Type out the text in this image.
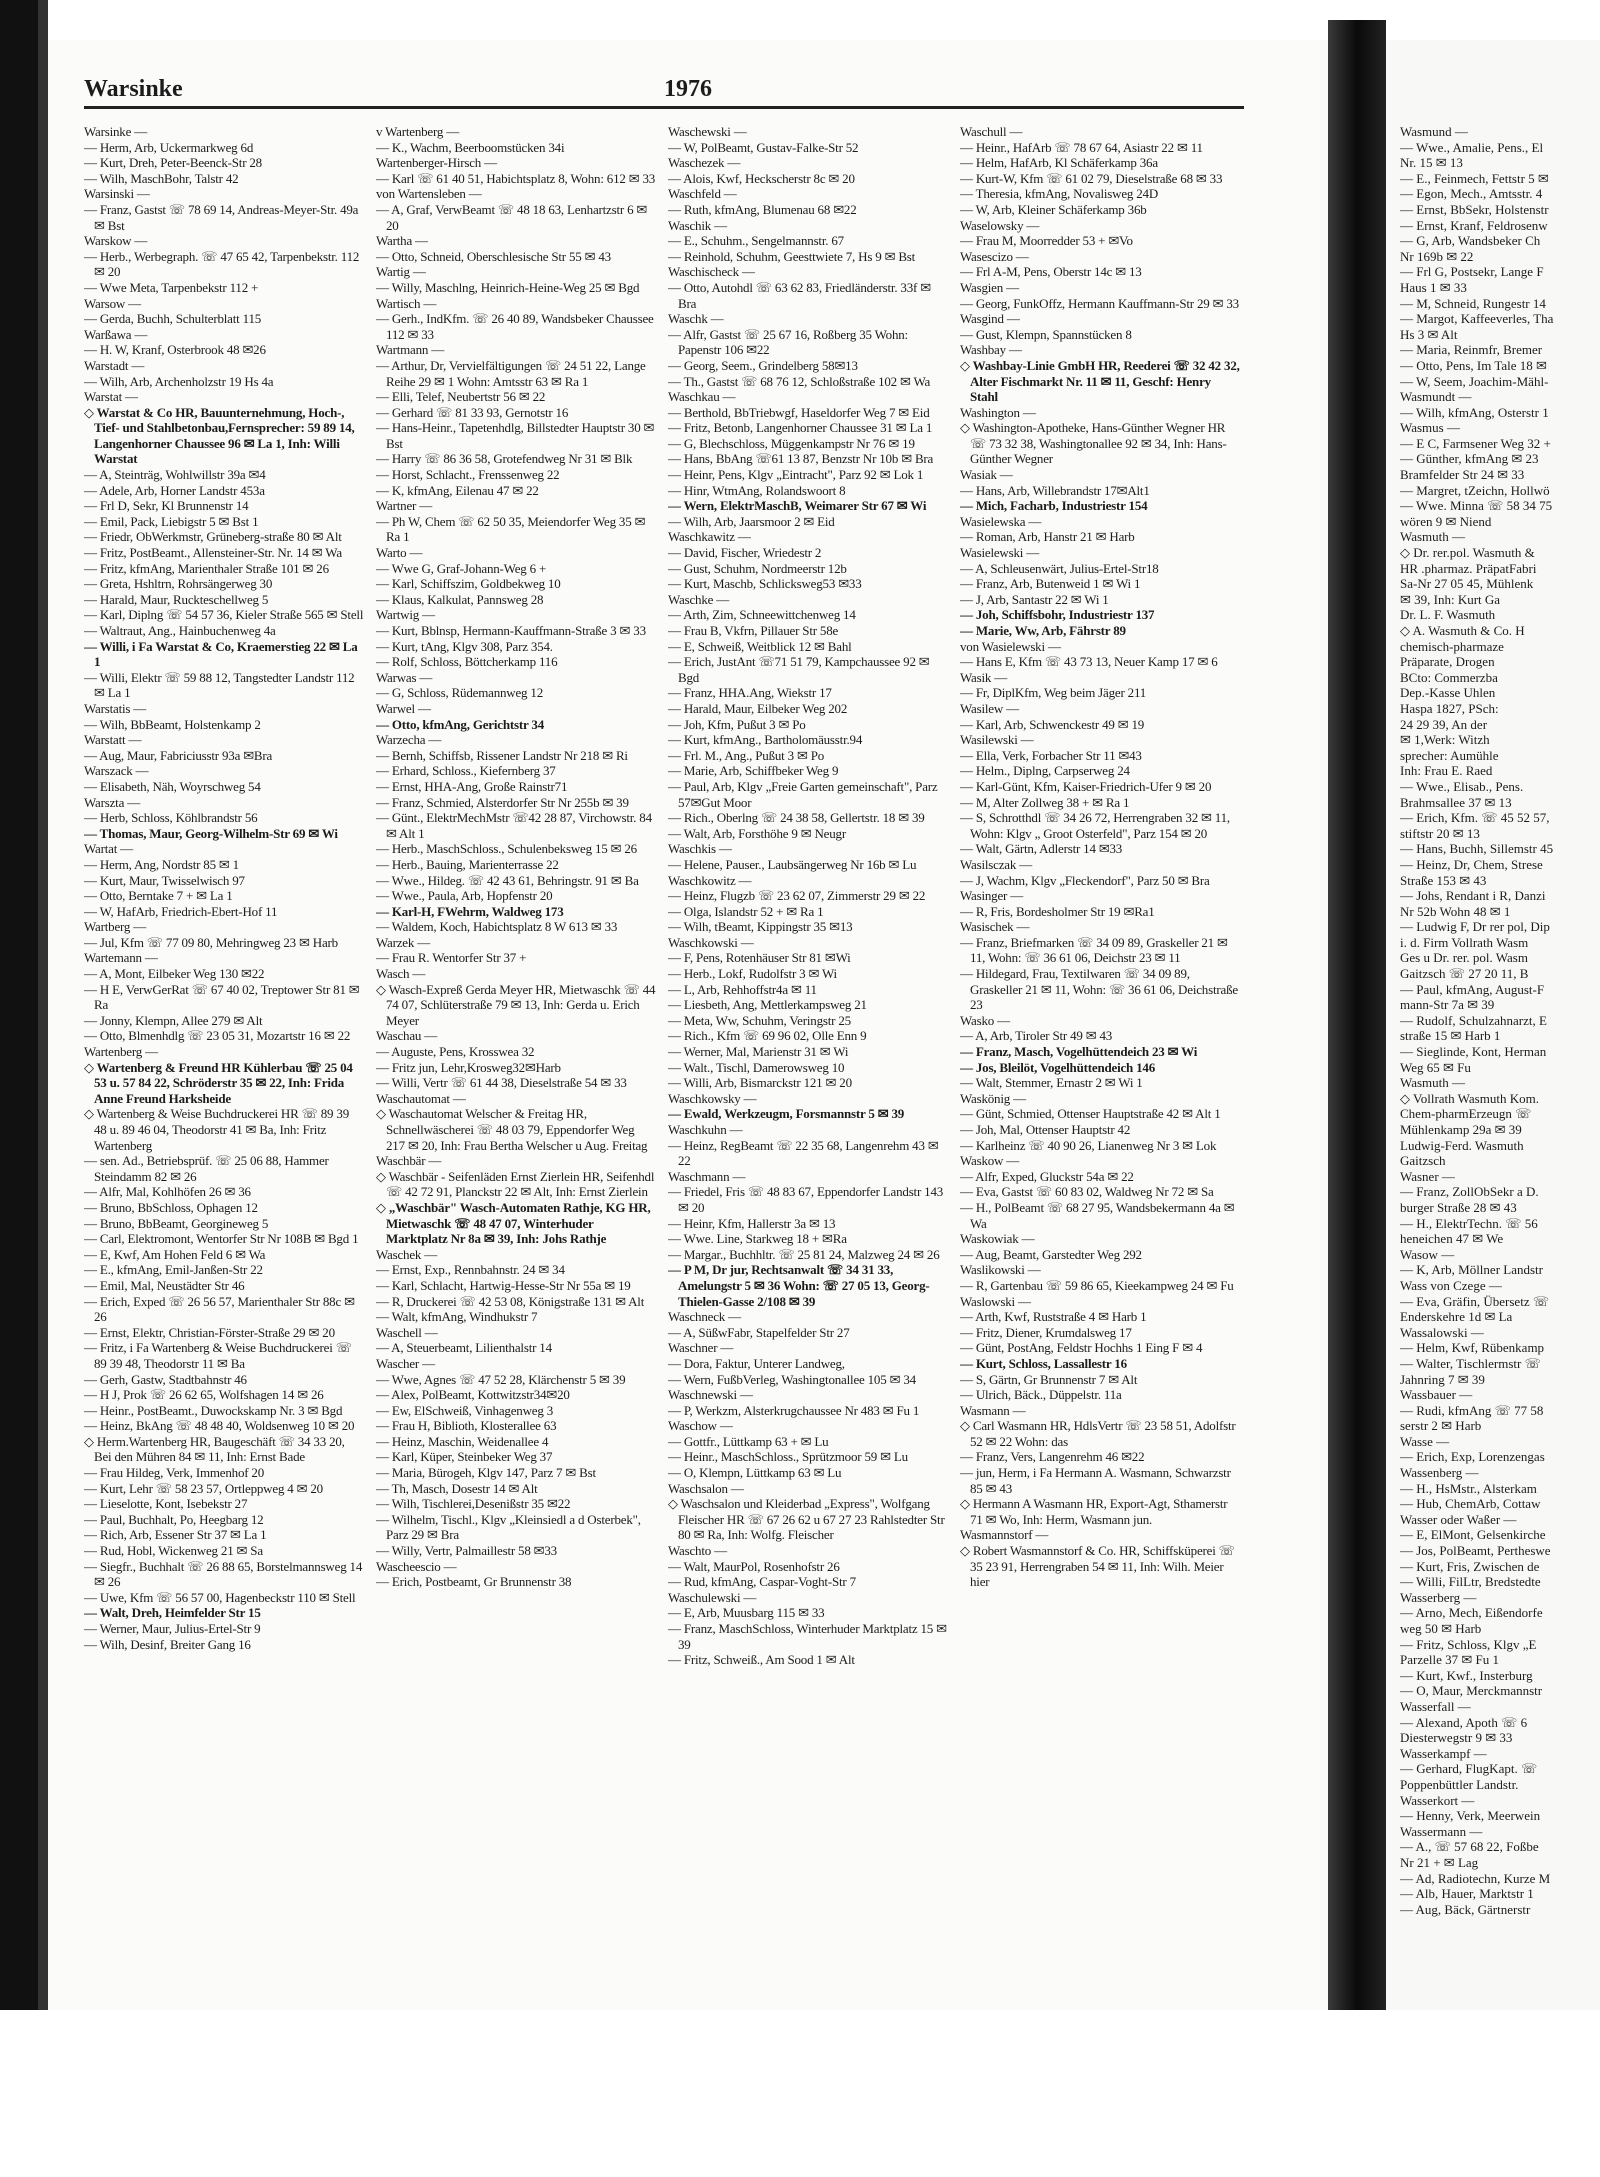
Wasmund —

— Wwe., Amalie, Pens., El

Nr. 15 ✉ 13

— E., Feinmech, Fettstr 5 ✉

— Egon, Mech., Amtsstr. 4

— Ernst, BbSekr, Holstenstr

— Ernst, Kranf, Feldrosenw

— G, Arb, Wandsbeker Ch

Nr 169b ✉ 22

— Frl G, Postsekr, Lange F

Haus 1 ✉ 33

— M, Schneid, Rungestr 14

— Margot, Kaffeeverles, Tha

Hs 3 ✉ Alt

— Maria, Reinmfr, Bremer

— Otto, Pens, Im Tale 18 ✉

— W, Seem, Joachim-Mähl-

Wasmundt —

— Wilh, kfmAng, Osterstr 1

Wasmus —

— E C, Farmsener Weg 32 +

— Günther, kfmAng ✉ 23

Bramfelder Str 24 ✉ 33

— Margret, tZeichn, Hollwö

— Wwe. Minna ☏ 58 34 75

wören 9 ✉ Niend

Wasmuth —

◇ Dr. rer.pol. Wasmuth &

HR .pharmaz. PräpatFabri

Sa-Nr 27 05 45, Mühlenk

✉ 39, Inh: Kurt Ga

Dr. L. F. Wasmuth

◇ A. Wasmuth & Co. H

chemisch-pharmaze

Präparate, Drogen

BCto: Commerzba

Dep.-Kasse Uhlen

Haspa 1827, PSch:

24 29 39, An der

✉ 1,Werk: Witzh

sprecher: Aumühle

Inh: Frau E. Raed

— Wwe., Elisab., Pens.

Brahmsallee 37 ✉ 13

— Erich, Kfm. ☏ 45 52 57,

stiftstr 20 ✉ 13

— Hans, Buchh, Sillemstr 45

— Heinz, Dr, Chem, Strese

Straße 153 ✉ 43

— Johs, Rendant i R, Danzi

Nr 52b Wohn 48 ✉ 1

— Ludwig F, Dr rer pol, Dip

i. d. Firm Vollrath Wasm

Ges u Dr. rer. pol. Wasm

Gaitzsch ☏ 27 20 11, B

— Paul, kfmAng, August-F

mann-Str 7a ✉ 39

— Rudolf, Schulzahnarzt, E

straße 15 ✉ Harb 1

— Sieglinde, Kont, Herman

Weg 65 ✉ Fu

Wasmuth —

◇ Vollrath Wasmuth Kom.

Chem-pharmErzeugn ☏

Mühlenkamp 29a ✉ 39

Ludwig-Ferd. Wasmuth

Gaitzsch

Wasner —

— Franz, ZollObSekr a D.

burger Straße 28 ✉ 43

— H., ElektrTechn. ☏ 56

heneichen 47 ✉ We

Wasow —

— K, Arb, Möllner Landstr

Wass von Czege —

— Eva, Gräfin, Übersetz ☏

Enderskehre 1d ✉ La

Wassalowski —

— Helm, Kwf, Rübenkamp

— Walter, Tischlermstr ☏

Jahnring 7 ✉ 39

Wassbauer —

— Rudi, kfmAng ☏ 77 58

serstr 2 ✉ Harb

Wasse —

— Erich, Exp, Lorenzengas

Wassenberg —

— H., HsMstr., Alsterkam

— Hub, ChemArb, Cottaw

Wasser oder Waßer —

— E, ElMont, Gelsenkirche

— Jos, PolBeamt, Pertheswe

— Kurt, Fris, Zwischen de

— Willi, FilLtr, Bredstedte

Wasserberg —

— Arno, Mech, Eißendorfe

weg 50 ✉ Harb

— Fritz, Schloss, Klgv „E

Parzelle 37 ✉ Fu 1

— Kurt, Kwf., Insterburg

— O, Maur, Merckmannstr

Wasserfall —

— Alexand, Apoth ☏ 6

Diesterwegstr 9 ✉ 33

Wasserkampf —

— Gerhard, FlugKapt. ☏

Poppenbüttler Landstr.

Wasserkort —

— Henny, Verk, Meerwein

Wassermann —

— A., ☏ 57 68 22, Foßbe

Nr 21 + ✉ Lag

— Ad, Radiotechn, Kurze M

— Alb, Hauer, Marktstr 1

— Aug, Bäck, Gärtnerstr

Warsinke	1976

Warsinke —

— Herm, Arb, Uckermarkweg 6d

— Kurt, Dreh, Peter-Beenck-Str 28

— Wilh, MaschBohr, Talstr 42

Warsinski —

— Franz, Gastst ☏ 78 69 14, Andreas-Meyer-Str. 49a ✉ Bst

Warskow —

— Herb., Werbegraph. ☏ 47 65 42, Tarpenbekstr. 112 ✉ 20

— Wwe Meta, Tarpenbekstr 112 +

Warsow —

— Gerda, Buchh, Schulterblatt 115

Warßawa —

— H. W, Kranf, Osterbrook 48 ✉26

Warstadt —

— Wilh, Arb, Archenholzstr 19 Hs 4a

Warstat —

◇ Warstat & Co HR, Bauunternehmung, Hoch-, Tief- und Stahlbetonbau,Fernsprecher: 59 89 14, Langenhorner Chaussee 96 ✉ La 1, Inh: Willi Warstat

— A, Steinträg, Wohlwillstr 39a ✉4

— Adele, Arb, Horner Landstr 453a

— Frl D, Sekr, Kl Brunnenstr 14

— Emil, Pack, Liebigstr 5 ✉ Bst 1

— Friedr, ObWerkmstr, Grüneberg-straße 80 ✉ Alt

— Fritz, PostBeamt., Allensteiner-Str. Nr. 14 ✉ Wa

— Fritz, kfmAng, Marienthaler Straße 101 ✉ 26

— Greta, Hshltrn, Rohrsängerweg 30

— Harald, Maur, Ruckteschellweg 5

— Karl, Diplng ☏ 54 57 36, Kieler Straße 565 ✉ Stell

— Waltraut, Ang., Hainbuchenweg 4a

— Willi, i Fa Warstat & Co, Kraemerstieg 22 ✉ La 1

— Willi, Elektr ☏ 59 88 12, Tangstedter Landstr 112 ✉ La 1

Warstatis —

— Wilh, BbBeamt, Holstenkamp 2

Warstatt —

— Aug, Maur, Fabriciusstr 93a ✉Bra

Warszack —

— Elisabeth, Näh, Woyrschweg 54

Warszta —

— Herb, Schloss, Köhlbrandstr 56

— Thomas, Maur, Georg-Wilhelm-Str 69 ✉ Wi

Wartat —

— Herm, Ang, Nordstr 85 ✉ 1

— Kurt, Maur, Twisselwisch 97

— Otto, Berntake 7 + ✉ La 1

— W, HafArb, Friedrich-Ebert-Hof 11

Wartberg —

— Jul, Kfm ☏ 77 09 80, Mehringweg 23 ✉ Harb

Wartemann —

— A, Mont, Eilbeker Weg 130 ✉22

— H E, VerwGerRat ☏ 67 40 02, Treptower Str 81 ✉ Ra

— Jonny, Klempn, Allee 279 ✉ Alt

— Otto, Blmenhdlg ☏ 23 05 31, Mozartstr 16 ✉ 22

Wartenberg —

◇ Wartenberg & Freund HR Kühlerbau ☏ 25 04 53 u. 57 84 22, Schröderstr 35 ✉ 22, Inh: Frida Anne Freund Harksheide

◇ Wartenberg & Weise Buchdruckerei HR ☏ 89 39 48 u. 89 46 04, Theodorstr 41 ✉ Ba, Inh: Fritz Wartenberg

— sen. Ad., Betriebsprüf. ☏ 25 06 88, Hammer Steindamm 82 ✉ 26

— Alfr, Mal, Kohlhöfen 26 ✉ 36

— Bruno, BbSchloss, Ophagen 12

— Bruno, BbBeamt, Georgineweg 5

— Carl, Elektromont, Wentorfer Str Nr 108B ✉ Bgd 1

— E, Kwf, Am Hohen Feld 6 ✉ Wa

— E., kfmAng, Emil-Janßen-Str 22

— Emil, Mal, Neustädter Str 46

— Erich, Exped ☏ 26 56 57, Marienthaler Str 88c ✉ 26

— Ernst, Elektr, Christian-Förster-Straße 29 ✉ 20

— Fritz, i Fa Wartenberg & Weise Buchdruckerei ☏ 89 39 48, Theodorstr 11 ✉ Ba

— Gerh, Gastw, Stadtbahnstr 46

— H J, Prok ☏ 26 62 65, Wolfshagen 14 ✉ 26

— Heinr., PostBeamt., Duwockskamp Nr. 3 ✉ Bgd

— Heinz, BkAng ☏ 48 48 40, Woldsenweg 10 ✉ 20

◇ Herm.Wartenberg HR, Baugeschäft ☏ 34 33 20, Bei den Mühren 84 ✉ 11, Inh: Ernst Bade

— Frau Hildeg, Verk, Immenhof 20

— Kurt, Lehr ☏ 58 23 57, Ortleppweg 4 ✉ 20

— Lieselotte, Kont, Isebekstr 27

— Paul, Buchhalt, Po, Heegbarg 12

— Rich, Arb, Essener Str 37 ✉ La 1

— Rud, Hobl, Wickenweg 21 ✉ Sa

— Siegfr., Buchhalt ☏ 26 88 65, Borstelmannsweg 14 ✉ 26

— Uwe, Kfm ☏ 56 57 00, Hagenbeckstr 110 ✉ Stell

— Walt, Dreh, Heimfelder Str 15

— Werner, Maur, Julius-Ertel-Str 9

— Wilh, Desinf, Breiter Gang 16

v Wartenberg —

— K., Wachm, Beerboomstücken 34i

Wartenberger-Hirsch —

— Karl ☏ 61 40 51, Habichtsplatz 8, Wohn: 612 ✉ 33

von Wartensleben —

— A, Graf, VerwBeamt ☏ 48 18 63, Lenhartzstr 6 ✉ 20

Wartha —

— Otto, Schneid, Oberschlesische Str 55 ✉ 43

Wartig —

— Willy, Maschlng, Heinrich-Heine-Weg 25 ✉ Bgd

Wartisch —

— Gerh., IndKfm. ☏ 26 40 89, Wandsbeker Chaussee 112 ✉ 33

Wartmann —

— Arthur, Dr, Vervielfältigungen ☏ 24 51 22, Lange Reihe 29 ✉ 1 Wohn: Amtsstr 63 ✉ Ra 1

— Elli, Telef, Neubertstr 56 ✉ 22

— Gerhard ☏ 81 33 93, Gernotstr 16

— Hans-Heinr., Tapetenhdlg, Billstedter Hauptstr 30 ✉ Bst

— Harry ☏ 86 36 58, Grotefendweg Nr 31 ✉ Blk

— Horst, Schlacht., Frenssenweg 22

— K, kfmAng, Eilenau 47 ✉ 22

Wartner —

— Ph W, Chem ☏ 62 50 35, Meiendorfer Weg 35 ✉ Ra 1

Warto —

— Wwe G, Graf-Johann-Weg 6 +

— Karl, Schiffszim, Goldbekweg 10

— Klaus, Kalkulat, Pannsweg 28

Wartwig —

— Kurt, Bblnsp, Hermann-Kauffmann-Straße 3 ✉ 33

— Kurt, tAng, Klgv 308, Parz 354.

— Rolf, Schloss, Böttcherkamp 116

Warwas —

— G, Schloss, Rüdemannweg 12

Warwel —

— Otto, kfmAng, Gerichtstr 34

Warzecha —

— Bernh, Schiffsb, Rissener Landstr Nr 218 ✉ Ri

— Erhard, Schloss., Kiefernberg 37

— Ernst, HHA-Ang, Große Rainstr71

— Franz, Schmied, Alsterdorfer Str Nr 255b ✉ 39

— Günt., ElektrMechMstr ☏42 28 87, Virchowstr. 84 ✉ Alt 1

— Herb., MaschSchloss., Schulenbeksweg 15 ✉ 26

— Herb., Bauing, Marienterrasse 22

— Wwe., Hildeg. ☏ 42 43 61, Behringstr. 91 ✉ Ba

— Wwe., Paula, Arb, Hopfenstr 20

— Karl-H, FWehrm, Waldweg 173

— Waldem, Koch, Habichtsplatz 8 W 613 ✉ 33

Warzek —

— Frau R. Wentorfer Str 37 +

Wasch —

◇ Wasch-Expreß Gerda Meyer HR, Mietwaschk ☏ 44 74 07, Schlüterstraße 79 ✉ 13, Inh: Gerda u. Erich Meyer

Waschau —

— Auguste, Pens, Krosswea 32

— Fritz jun, Lehr,Krosweg32✉Harb

— Willi, Vertr ☏ 61 44 38, Dieselstraße 54 ✉ 33

Waschautomat —

◇ Waschautomat Welscher & Freitag HR, Schnellwäscherei ☏ 48 03 79, Eppendorfer Weg 217 ✉ 20, Inh: Frau Bertha Welscher u Aug. Freitag

Waschbär —

◇ Waschbär - Seifenläden Ernst Zierlein HR, Seifenhdl ☏ 42 72 91, Planckstr 22 ✉ Alt, Inh: Ernst Zierlein

◇ „Waschbär" Wasch-Automaten Rathje, KG HR, Mietwaschk ☏ 48 47 07, Winterhuder Marktplatz Nr 8a ✉ 39, Inh: Johs Rathje

Waschek —

— Ernst, Exp., Rennbahnstr. 24 ✉ 34

— Karl, Schlacht, Hartwig-Hesse-Str Nr 55a ✉ 19

— R, Druckerei ☏ 42 53 08, Königstraße 131 ✉ Alt

— Walt, kfmAng, Windhukstr 7

Waschell —

— A, Steuerbeamt, Lilienthalstr 14

Wascher —

— Wwe, Agnes ☏ 47 52 28, Klärchenstr 5 ✉ 39

— Alex, PolBeamt, Kottwitzstr34✉20

— Ew, ElSchweiß, Vinhagenweg 3

— Frau H, Biblioth, Klosterallee 63

— Heinz, Maschin, Weidenallee 4

— Karl, Küper, Steinbeker Weg 37

— Maria, Bürogeh, Klgv 147, Parz 7 ✉ Bst

— Th, Masch, Dosestr 14 ✉ Alt

— Wilh, Tischlerei,Desenißstr 35 ✉22

— Wilhelm, Tischl., Klgv „Kleinsiedl a d Osterbek", Parz 29 ✉ Bra

— Willy, Vertr, Palmaillestr 58 ✉33

Wascheescio —

— Erich, Postbeamt, Gr Brunnenstr 38

Waschewski —

— W, PolBeamt, Gustav-Falke-Str 52

Waschezek —

— Alois, Kwf, Heckscherstr 8c ✉ 20

Waschfeld —

— Ruth, kfmAng, Blumenau 68 ✉22

Waschik —

— E., Schuhm., Sengelmannstr. 67

— Reinhold, Schuhm, Geesttwiete 7, Hs 9 ✉ Bst

Waschischeck —

— Otto, Autohdl ☏ 63 62 83, Friedländerstr. 33f ✉ Bra

Waschk —

— Alfr, Gastst ☏ 25 67 16, Roßberg 35 Wohn: Papenstr 106 ✉22

— Georg, Seem., Grindelberg 58✉13

— Th., Gastst ☏ 68 76 12, Schloßstraße 102 ✉ Wa

Waschkau —

— Berthold, BbTriebwgf, Haseldorfer Weg 7 ✉ Eid

— Fritz, Betonb, Langenhorner Chaussee 31 ✉ La 1

— G, Blechschloss, Müggenkampstr Nr 76 ✉ 19

— Hans, BbAng ☏61 13 87, Benzstr Nr 10b ✉ Bra

— Heinr, Pens, Klgv „Eintracht", Parz 92 ✉ Lok 1

— Hinr, WtmAng, Rolandswoort 8

— Wern, ElektrMaschB, Weimarer Str 67 ✉ Wi

— Wilh, Arb, Jaarsmoor 2 ✉ Eid

Waschkawitz —

— David, Fischer, Wriedestr 2

— Gust, Schuhm, Nordmeerstr 12b

— Kurt, Maschb, Schlicksweg53 ✉33

Waschke —

— Arth, Zim, Schneewittchenweg 14

— Frau B, Vkfrn, Pillauer Str 58e

— E, Schweiß, Weitblick 12 ✉ Bahl

— Erich, JustAnt ☏71 51 79, Kampchaussee 92 ✉ Bgd

— Franz, HHA.Ang, Wiekstr 17

— Harald, Maur, Eilbeker Weg 202

— Joh, Kfm, Pußut 3 ✉ Po

— Kurt, kfmAng., Bartholomäusstr.94

— Frl. M., Ang., Pußut 3 ✉ Po

— Marie, Arb, Schiffbeker Weg 9

— Paul, Arb, Klgv „Freie Garten gemeinschaft", Parz 57✉Gut Moor

— Rich., Oberlng ☏ 24 38 58, Gellertstr. 18 ✉ 39

— Walt, Arb, Forsthöhe 9 ✉ Neugr

Waschkis —

— Helene, Pauser., Laubsängerweg Nr 16b ✉ Lu

Waschkowitz —

— Heinz, Flugzb ☏ 23 62 07, Zimmerstr 29 ✉ 22

— Olga, Islandstr 52 + ✉ Ra 1

— Wilh, tBeamt, Kippingstr 35 ✉13

Waschkowski —

— F, Pens, Rotenhäuser Str 81 ✉Wi

— Herb., Lokf, Rudolfstr 3 ✉ Wi

— L, Arb, Rehhoffstr4a ✉ 11

— Liesbeth, Ang, Mettlerkampsweg 21

— Meta, Ww, Schuhm, Veringstr 25

— Rich., Kfm ☏ 69 96 02, Olle Enn 9

— Werner, Mal, Marienstr 31 ✉ Wi

— Walt., Tischl, Damerowsweg 10

— Willi, Arb, Bismarckstr 121 ✉ 20

Waschkowsky —

— Ewald, Werkzeugm, Forsmannstr 5 ✉ 39

Waschkuhn —

— Heinz, RegBeamt ☏ 22 35 68, Langenrehm 43 ✉ 22

Waschmann —

— Friedel, Fris ☏ 48 83 67, Eppendorfer Landstr 143 ✉ 20

— Heinr, Kfm, Hallerstr 3a ✉ 13

— Wwe. Line, Starkweg 18 + ✉Ra

— Margar., Buchhltr. ☏ 25 81 24, Malzweg 24 ✉ 26

— P M, Dr jur, Rechtsanwalt ☏ 34 31 33, Amelungstr 5 ✉ 36 Wohn: ☏ 27 05 13, Georg-Thielen-Gasse 2/108 ✉ 39

Waschneck —

— A, SüßwFabr, Stapelfelder Str 27

Waschner —

— Dora, Faktur, Unterer Landweg,

— Wern, FußbVerleg, Washingtonallee 105 ✉ 34

Waschnewski —

— P, Werkzm, Alsterkrugchaussee Nr 483 ✉ Fu 1

Waschow —

— Gottfr., Lüttkamp 63 + ✉ Lu

— Heinr., MaschSchloss., Sprützmoor 59 ✉ Lu

— O, Klempn, Lüttkamp 63 ✉ Lu

Waschsalon —

◇ Waschsalon und Kleiderbad „Express", Wolfgang Fleischer HR ☏ 67 26 62 u 67 27 23 Rahlstedter Str 80 ✉ Ra, Inh: Wolfg. Fleischer

Waschto —

— Walt, MaurPol, Rosenhofstr 26

— Rud, kfmAng, Caspar-Voght-Str 7

Waschulewski —

— E, Arb, Muusbarg 115 ✉ 33

— Franz, MaschSchloss, Winterhuder Marktplatz 15 ✉ 39

— Fritz, Schweiß., Am Sood 1 ✉ Alt

Waschull —

— Heinr., HafArb ☏ 78 67 64, Asiastr 22 ✉ 11

— Helm, HafArb, Kl Schäferkamp 36a

— Kurt-W, Kfm ☏ 61 02 79, Dieselstraße 68 ✉ 33

— Theresia, kfmAng, Novalisweg 24D

— W, Arb, Kleiner Schäferkamp 36b

Waselowsky —

— Frau M, Moorredder 53 + ✉Vo

Wasescizo —

— Frl A-M, Pens, Oberstr 14c ✉ 13

Wasgien —

— Georg, FunkOffz, Hermann Kauffmann-Str 29 ✉ 33

Wasgind —

— Gust, Klempn, Spannstücken 8

Washbay —

◇ Washbay-Linie GmbH HR, Reederei ☏ 32 42 32, Alter Fischmarkt Nr. 11 ✉ 11, Geschf: Henry Stahl

Washington —

◇ Washington-Apotheke, Hans-Günther Wegner HR ☏ 73 32 38, Washingtonallee 92 ✉ 34, Inh: Hans-Günther Wegner

Wasiak —

— Hans, Arb, Willebrandstr 17✉Alt1

— Mich, Facharb, Industriestr 154

Wasielewska —

— Roman, Arb, Hanstr 21 ✉ Harb

Wasielewski —

— A, Schleusenwärt, Julius-Ertel-Str18

— Franz, Arb, Butenweid 1 ✉ Wi 1

— J, Arb, Santastr 22 ✉ Wi 1

— Joh, Schiffsbohr, Industriestr 137

— Marie, Ww, Arb, Fährstr 89

von Wasielewski —

— Hans E, Kfm ☏ 43 73 13, Neuer Kamp 17 ✉ 6

Wasik —

— Fr, DiplKfm, Weg beim Jäger 211

Wasilew —

— Karl, Arb, Schwenckestr 49 ✉ 19

Wasilewski —

— Ella, Verk, Forbacher Str 11 ✉43

— Helm., Diplng, Carpserweg 24

— Karl-Günt, Kfm, Kaiser-Friedrich-Ufer 9 ✉ 20

— M, Alter Zollweg 38 + ✉ Ra 1

— S, Schrotthdl ☏ 34 26 72, Herrengraben 32 ✉ 11, Wohn: Klgv „ Groot Osterfeld", Parz 154 ✉ 20

— Walt, Gärtn, Adlerstr 14 ✉33

Wasilsczak —

— J, Wachm, Klgv „Fleckendorf", Parz 50 ✉ Bra

Wasinger —

— R, Fris, Bordesholmer Str 19 ✉Ra1

Wasischek —

— Franz, Briefmarken ☏ 34 09 89, Graskeller 21 ✉ 11, Wohn: ☏ 36 61 06, Deichstr 23 ✉ 11

— Hildegard, Frau, Textilwaren ☏ 34 09 89, Graskeller 21 ✉ 11, Wohn: ☏ 36 61 06, Deichstraße 23

Wasko —

— A, Arb, Tiroler Str 49 ✉ 43

— Franz, Masch, Vogelhüttendeich 23 ✉ Wi

— Jos, Bleilöt, Vogelhüttendeich 146

— Walt, Stemmer, Ernastr 2 ✉ Wi 1

Waskönig —

— Günt, Schmied, Ottenser Hauptstraße 42 ✉ Alt 1

— Joh, Mal, Ottenser Hauptstr 42

— Karlheinz ☏ 40 90 26, Lianenweg Nr 3 ✉ Lok

Waskow —

— Alfr, Exped, Gluckstr 54a ✉ 22

— Eva, Gastst ☏ 60 83 02, Waldweg Nr 72 ✉ Sa

— H., PolBeamt ☏ 68 27 95, Wandsbekermann 4a ✉ Wa

Waskowiak —

— Aug, Beamt, Garstedter Weg 292

Waslikowski —

— R, Gartenbau ☏ 59 86 65, Kieekampweg 24 ✉ Fu

Waslowski —

— Arth, Kwf, Ruststraße 4 ✉ Harb 1

— Fritz, Diener, Krumdalsweg 17

— Günt, PostAng, Feldstr Hochhs 1 Eing F ✉ 4

— Kurt, Schloss, Lassallestr 16

— S, Gärtn, Gr Brunnenstr 7 ✉ Alt

— Ulrich, Bäck., Düppelstr. 11a

Wasmann —

◇ Carl Wasmann HR, HdlsVertr ☏ 23 58 51, Adolfstr 52 ✉ 22 Wohn: das

— Franz, Vers, Langenrehm 46 ✉22

— jun, Herm, i Fa Hermann A. Wasmann, Schwarzstr 85 ✉ 43

◇ Hermann A Wasmann HR, Export-Agt, Sthamerstr 71 ✉ Wo, Inh: Herm, Wasmann jun.

Wasmannstorf —

◇ Robert Wasmannstorf & Co. HR, Schiffsküperei ☏ 35 23 91, Herrengraben 54 ✉ 11, Inh: Wilh. Meier hier
